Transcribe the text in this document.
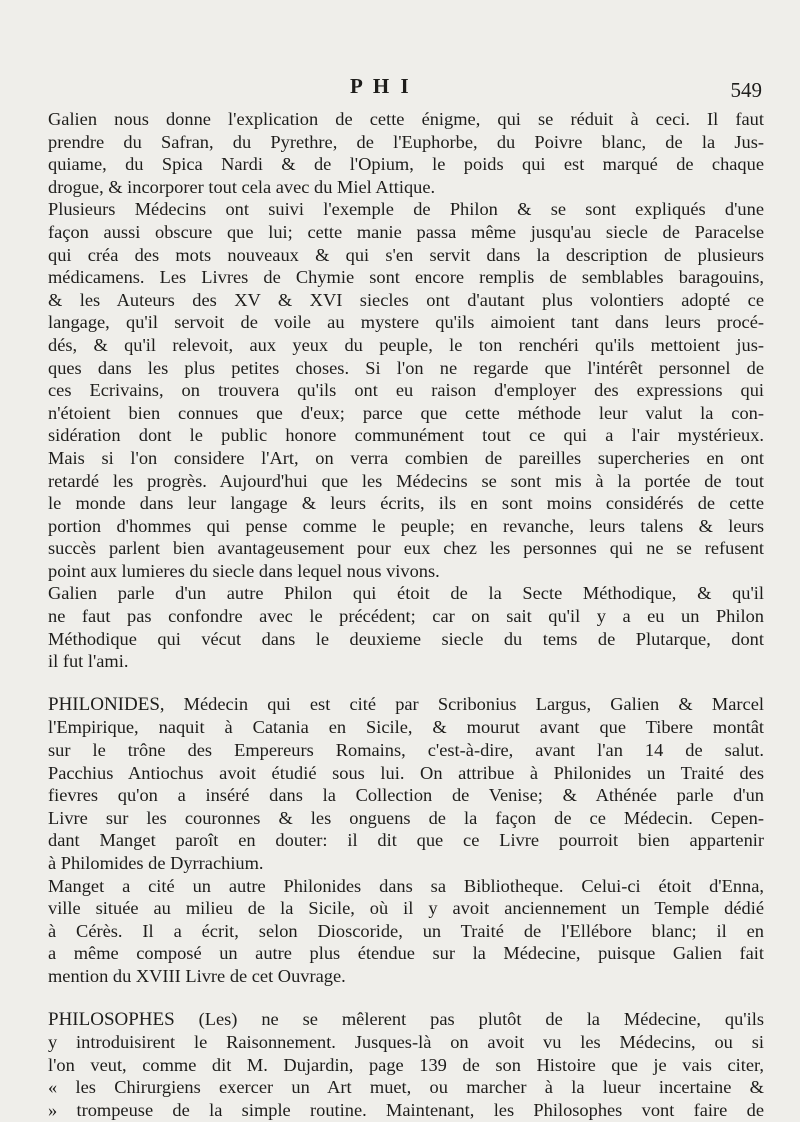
P H I	549
Galien nous donne l'explication de cette énigme, qui se réduit à ceci. Il faut
prendre du Safran, du Pyrethre, de l'Euphorbe, du Poivre blanc, de la Jus-
quiame, du Spica Nardi & de l'Opium, le poids qui est marqué de chaque
drogue, & incorporer tout cela avec du Miel Attique.
Plusieurs Médecins ont suivi l'exemple de Philon & se sont expliqués d'une
façon aussi obscure que lui; cette manie passa même jusqu'au siecle de Paracelse
qui créa des mots nouveaux & qui s'en servit dans la description de plusieurs
médicamens. Les Livres de Chymie sont encore remplis de semblables baragouins,
& les Auteurs des XV & XVI siecles ont d'autant plus volontiers adopté ce
langage, qu'il servoit de voile au mystere qu'ils aimoient tant dans leurs procé-
dés, & qu'il relevoit, aux yeux du peuple, le ton renchéri qu'ils mettoient jus-
ques dans les plus petites choses. Si l'on ne regarde que l'intérêt personnel de
ces Ecrivains, on trouvera qu'ils ont eu raison d'employer des expressions qui
n'étoient bien connues que d'eux; parce que cette méthode leur valut la con-
sidération dont le public honore communément tout ce qui a l'air mystérieux.
Mais si l'on considere l'Art, on verra combien de pareilles supercheries en ont
retardé les progrès. Aujourd'hui que les Médecins se sont mis à la portée de tout
le monde dans leur langage & leurs écrits, ils en sont moins considérés de cette
portion d'hommes qui pense comme le peuple; en revanche, leurs talens & leurs
succès parlent bien avantageusement pour eux chez les personnes qui ne se refusent
point aux lumieres du siecle dans lequel nous vivons.
Galien parle d'un autre Philon qui étoit de la Secte Méthodique, & qu'il
ne faut pas confondre avec le précédent; car on sait qu'il y a eu un Philon
Méthodique qui vécut dans le deuxieme siecle du tems de Plutarque, dont
il fut l'ami.
PHILONIDES, Médecin qui est cité par Scribonius Largus, Galien & Marcel
l'Empirique, naquit à Catania en Sicile, & mourut avant que Tibere montât
sur le trône des Empereurs Romains, c'est-à-dire, avant l'an 14 de salut.
Pacchius Antiochus avoit étudié sous lui. On attribue à Philonides un Traité des
fievres qu'on a inséré dans la Collection de Venise; & Athénée parle d'un
Livre sur les couronnes & les onguens de la façon de ce Médecin. Cepen-
dant Manget paroît en douter: il dit que ce Livre pourroit bien appartenir
à Philomides de Dyrrachium.
Manget a cité un autre Philonides dans sa Bibliotheque. Celui-ci étoit d'Enna,
ville située au milieu de la Sicile, où il y avoit anciennement un Temple dédié
à Cérès. Il a écrit, selon Dioscoride, un Traité de l'Ellébore blanc; il en
a même composé un autre plus étendue sur la Médecine, puisque Galien fait
mention du XVIII Livre de cet Ouvrage.
PHILOSOPHES (Les) ne se mêlerent pas plutôt de la Médecine, qu'ils
y introduisirent le Raisonnement. Jusques-là on avoit vu les Médecins, ou si
l'on veut, comme dit M. Dujardin, page 139 de son Histoire que je vais citer,
« les Chirurgiens exercer un Art muet, ou marcher à la lueur incertaine &
» trompeuse de la simple routine. Maintenant, les Philosophes vont faire de
